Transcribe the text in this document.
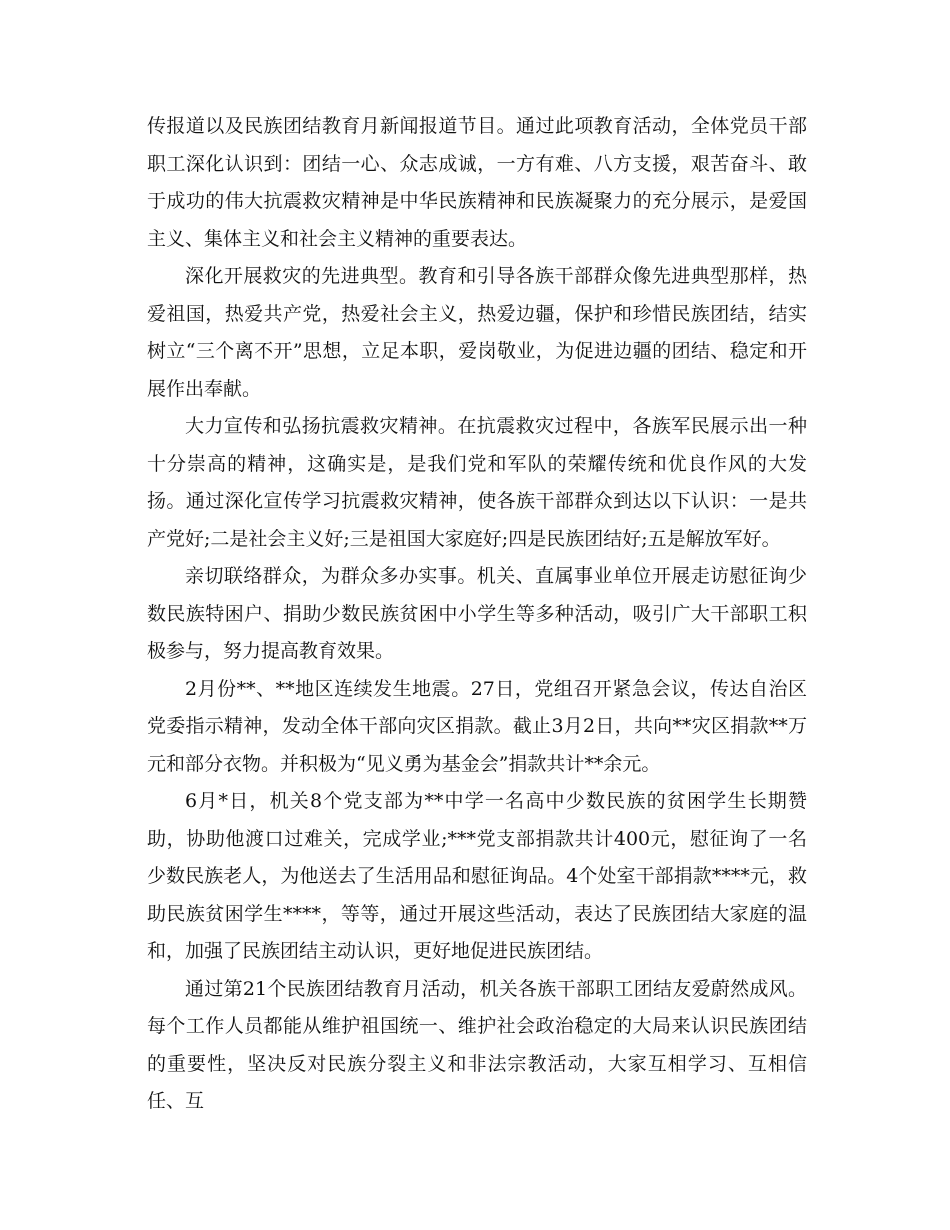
传报道以及民族团结教育月新闻报道节目。通过此项教育活动，全体党员干部职工深化认识到：团结一心、众志成诚，一方有难、八方支援，艰苦奋斗、敢于成功的伟大抗震救灾精神是中华民族精神和民族凝聚力的充分展示，是爱国主义、集体主义和社会主义精神的重要表达。

深化开展救灾的先进典型。教育和引导各族干部群众像先进典型那样，热爱祖国，热爱共产党，热爱社会主义，热爱边疆，保护和珍惜民族团结，结实树立“三个离不开”思想，立足本职，爱岗敬业，为促进边疆的团结、稳定和开展作出奉献。

大力宣传和弘扬抗震救灾精神。在抗震救灾过程中，各族军民展示出一种十分崇高的精神，这确实是，是我们党和军队的荣耀传统和优良作风的大发扬。通过深化宣传学习抗震救灾精神，使各族干部群众到达以下认识：一是共产党好;二是社会主义好;三是祖国大家庭好;四是民族团结好;五是解放军好。

亲切联络群众，为群众多办实事。机关、直属事业单位开展走访慰征询少数民族特困户、捐助少数民族贫困中小学生等多种活动，吸引广大干部职工积极参与，努力提高教育效果。

2月份**、**地区连续发生地震。27日，党组召开紧急会议，传达自治区党委指示精神，发动全体干部向灾区捐款。截止3月2日，共向**灾区捐款**万元和部分衣物。并积极为“见义勇为基金会”捐款共计**余元。

6月*日，机关8个党支部为**中学一名高中少数民族的贫困学生长期赞助，协助他渡口过难关，完成学业;***党支部捐款共计400元，慰征询了一名少数民族老人，为他送去了生活用品和慰征询品。4个处室干部捐款****元，救助民族贫困学生****，等等，通过开展这些活动，表达了民族团结大家庭的温和，加强了民族团结主动认识，更好地促进民族团结。

通过第21个民族团结教育月活动，机关各族干部职工团结友爱蔚然成风。每个工作人员都能从维护祖国统一、维护社会政治稳定的大局来认识民族团结的重要性，坚决反对民族分裂主义和非法宗教活动，大家互相学习、互相信任、互
